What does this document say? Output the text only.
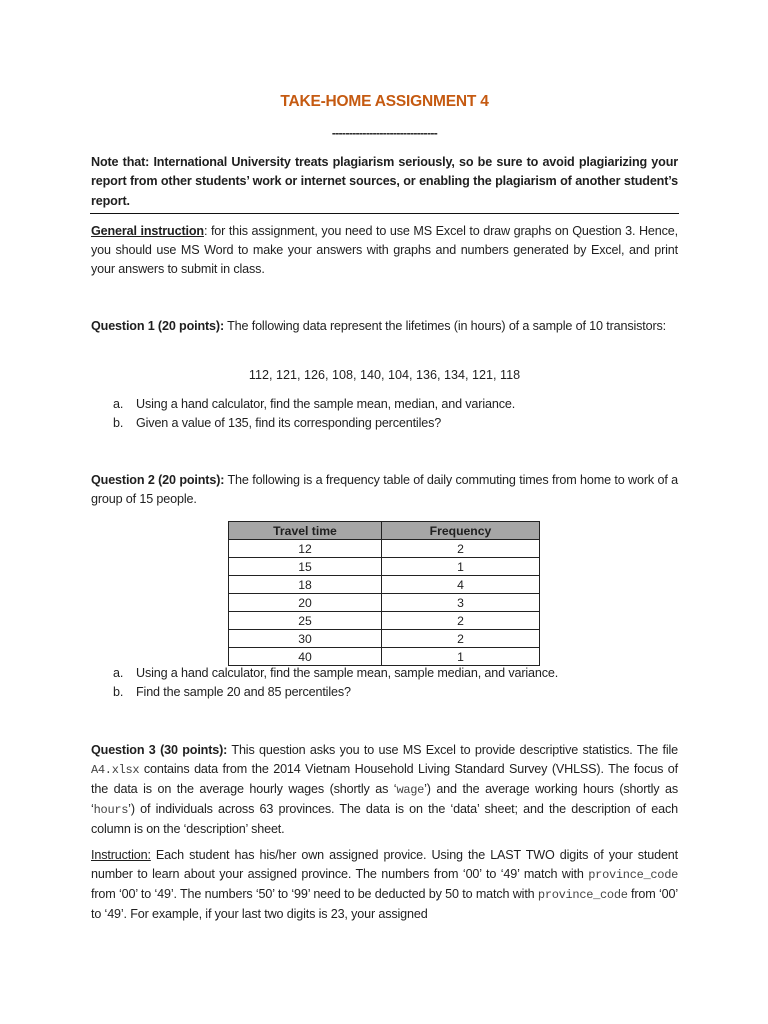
TAKE-HOME ASSIGNMENT 4
-------------------------------
Note that: International University treats plagiarism seriously, so be sure to avoid plagiarizing your report from other students’ work or internet sources, or enabling the plagiarism of another student’s report.
General instruction: for this assignment, you need to use MS Excel to draw graphs on Question 3. Hence, you should use MS Word to make your answers with graphs and numbers generated by Excel, and print your answers to submit in class.
Question 1 (20 points): The following data represent the lifetimes (in hours) of a sample of 10 transistors:
112, 121, 126, 108, 140, 104, 136, 134, 121, 118
a.	Using a hand calculator, find the sample mean, median, and variance.
b.	Given a value of 135, find its corresponding percentiles?
Question 2 (20 points): The following is a frequency table of daily commuting times from home to work of a group of 15 people.
Travel time	Frequency
12	2
15	1
18	4
20	3
25	2
30	2
40	1
a.	Using a hand calculator, find the sample mean, sample median, and variance.
b.	Find the sample 20 and 85 percentiles?
Question 3 (30 points): This question asks you to use MS Excel to provide descriptive statistics. The file A4.xlsx contains data from the 2014 Vietnam Household Living Standard Survey (VHLSS). The focus of the data is on the average hourly wages (shortly as ‘wage’) and the average working hours (shortly as ‘hours’) of individuals across 63 provinces. The data is on the ‘data’ sheet; and the description of each column is on the ‘description’ sheet.
Instruction: Each student has his/her own assigned provice. Using the LAST TWO digits of your student number to learn about your assigned province. The numbers from ‘00’ to ‘49’ match with province_code from ‘00’ to ‘49’. The numbers ‘50’ to ‘99’ need to be deducted by 50 to match with province_code from ‘00’ to ‘49’. For example, if your last two digits is 23, your assigned
